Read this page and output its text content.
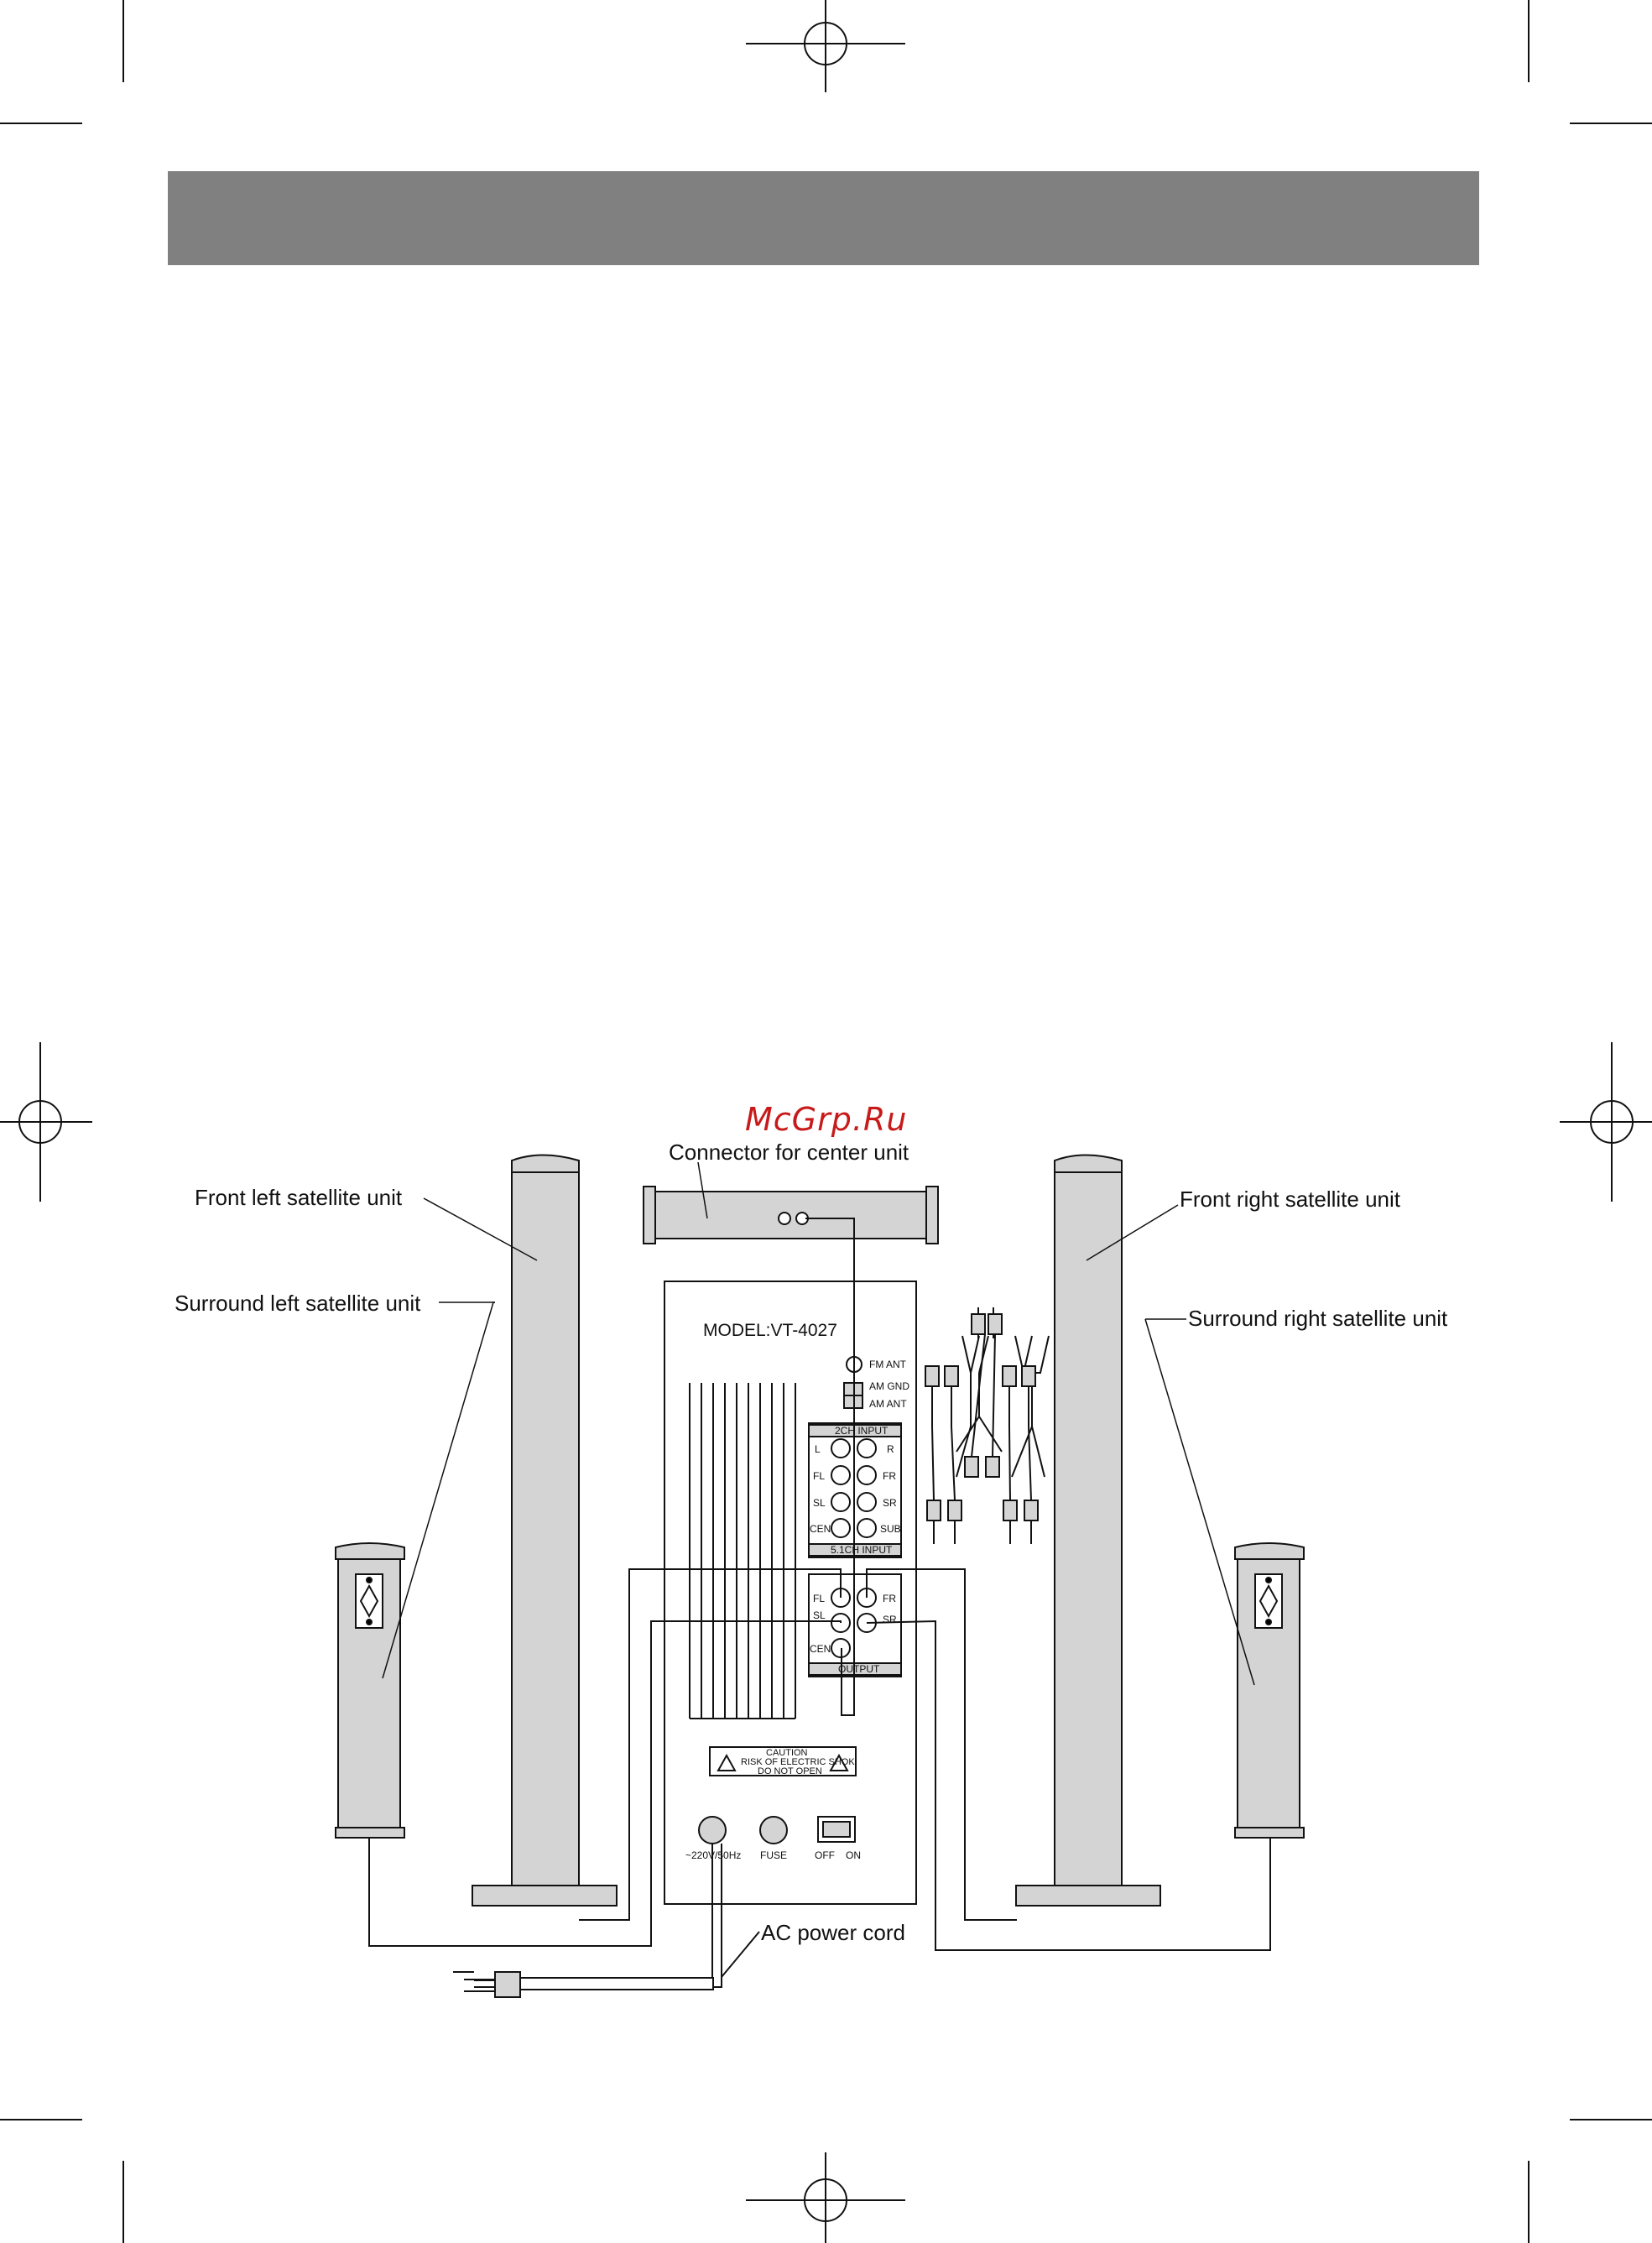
FM ANT
AM GND
AM ANT
2CH INPUT
5.1CH INPUT
OUTPUT
L	R
FL	FR
SL	SR
CEN	SUB
FL	FR
SL	SR
CEN
CAUTION
RISK OF ELECTRIC SHOK
DO NOT OPEN
~220V/50Hz FUSE	OFF ON
MODEL:VT-4027
McGrp.Ru
Connector for center unit
Front left satellite unit	Front right satellite unit
Surround left satellite unit
Surround right satellite unit
AC power cord
